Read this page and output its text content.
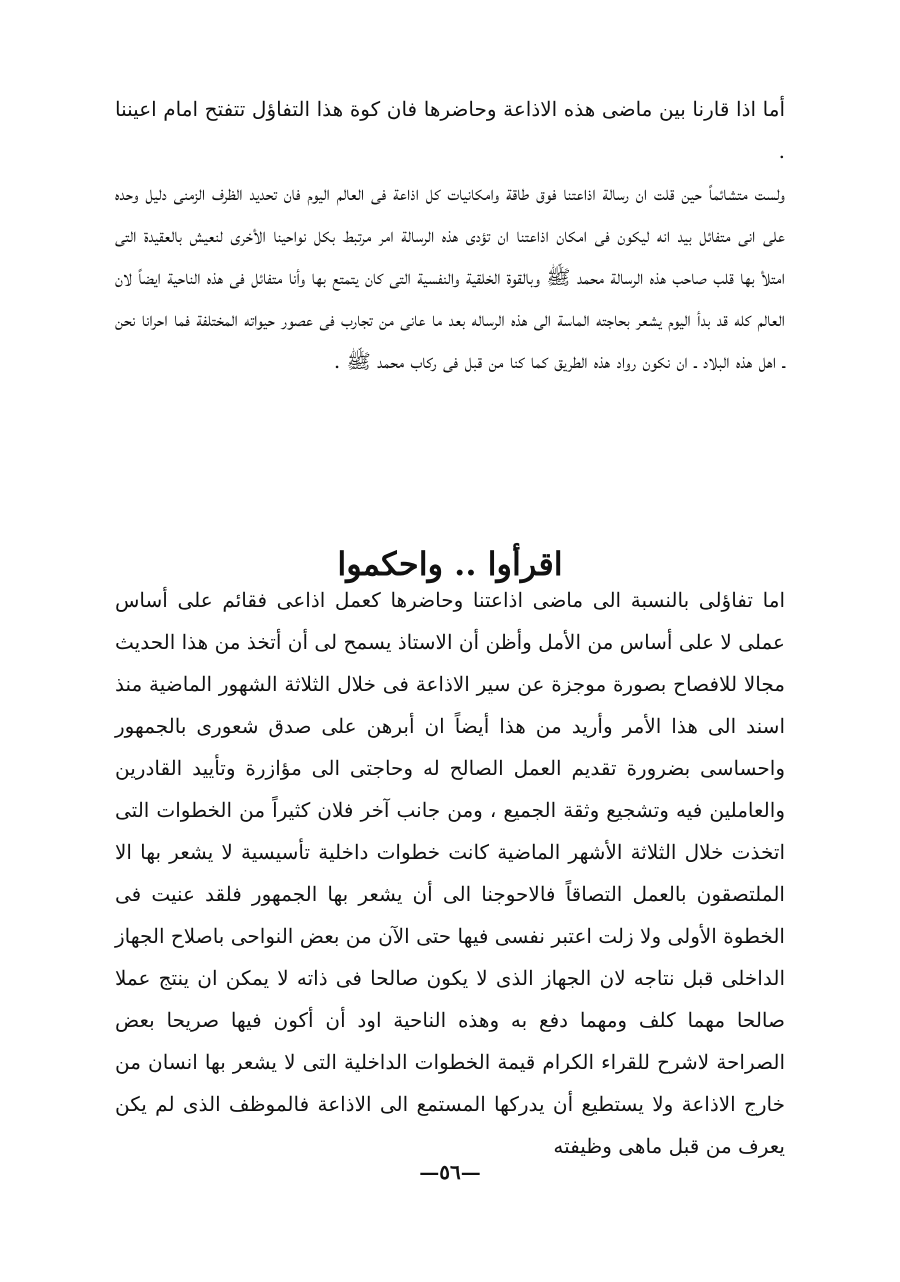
أما اذا قارنا بين ماضى هذه الاذاعة وحاضرها فان كوة هذا التفاؤل تتفتح امام اعيننا .

ولست متشائماً حين قلت ان رسالة اذاعتنا فوق طاقة وامكانيات كل اذاعة فى العالم اليوم فان تحديد الظرف الزمنى دليل وحده على انى متفائل بيد انه ليكون فى امكان اذاعتنا ان تؤدى هذه الرسالة امر مرتبط بكل نواحينا الأخرى لنعيش بالعقيدة التى امتلأ بها قلب صاحب هذه الرسالة محمد ﷺ وبالقوة الخلقية والنفسية التى كان يتمتع بها وأنا متفائل فى هذه الناحية ايضاً لان العالم كله قد بدأ اليوم يشعر بحاجته الماسة الى هذه الرساله بعد ما عانى من تجارب فى عصور حيواته المختلفة فما احرانا نحن ـ اهل هذه البلاد ـ ان نكون رواد هذه الطريق كما كنا من قبل فى ركاب محمد ﷺ .

اقرأوا .. واحكموا

اما تفاؤلى بالنسبة الى ماضى اذاعتنا وحاضرها كعمل اذاعى فقائم على أساس عملى لا على أساس من الأمل وأظن أن الاستاذ يسمح لى أن أتخذ من هذا الحديث مجالا للافصاح بصورة موجزة عن سير الاذاعة فى خلال الثلاثة الشهور الماضية منذ اسند الى هذا الأمر وأريد من هذا أيضاً ان أبرهن على صدق شعورى بالجمهور واحساسى بضرورة تقديم العمل الصالح له وحاجتى الى مؤازرة وتأييد القادرين والعاملين فيه وتشجيع وثقة الجميع ، ومن جانب آخر فلان كثيراً من الخطوات التى اتخذت خلال الثلاثة الأشهر الماضية كانت خطوات داخلية تأسيسية لا يشعر بها الا الملتصقون بالعمل التصاقاً فالاحوجنا الى أن يشعر بها الجمهور فلقد عنيت فى الخطوة الأولى ولا زلت اعتبر نفسى فيها حتى الآن من بعض النواحى باصلاح الجهاز الداخلى قبل نتاجه لان الجهاز الذى لا يكون صالحا فى ذاته لا يمكن ان ينتج عملا صالحا مهما كلف ومهما دفع به وهذه الناحية اود أن أكون فيها صريحا بعض الصراحة لاشرح للقراء الكرام قيمة الخطوات الداخلية التى لا يشعر بها انسان من خارج الاذاعة ولا يستطيع أن يدركها المستمع الى الاذاعة فالموظف الذى لم يكن يعرف من قبل ماهى وظيفته

—٥٦—
